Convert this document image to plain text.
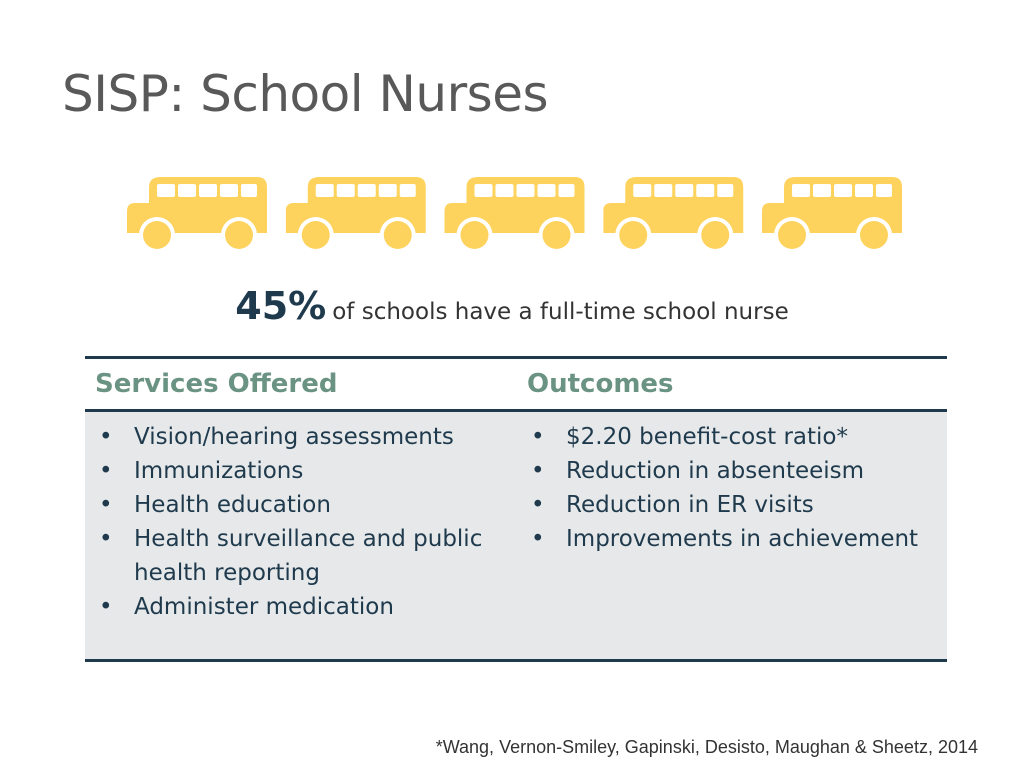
SISP: School Nurses
45% of schools have a full-time school nurse
Services Offered	Outcomes
• Vision/hearing assessments
• Immunizations
• Health education
• Health surveillance and public health reporting
• Administer medication
• $2.20 benefit-cost ratio*
• Reduction in absenteeism
• Reduction in ER visits
• Improvements in achievement
*Wang, Vernon-Smiley, Gapinski, Desisto, Maughan & Sheetz, 2014
